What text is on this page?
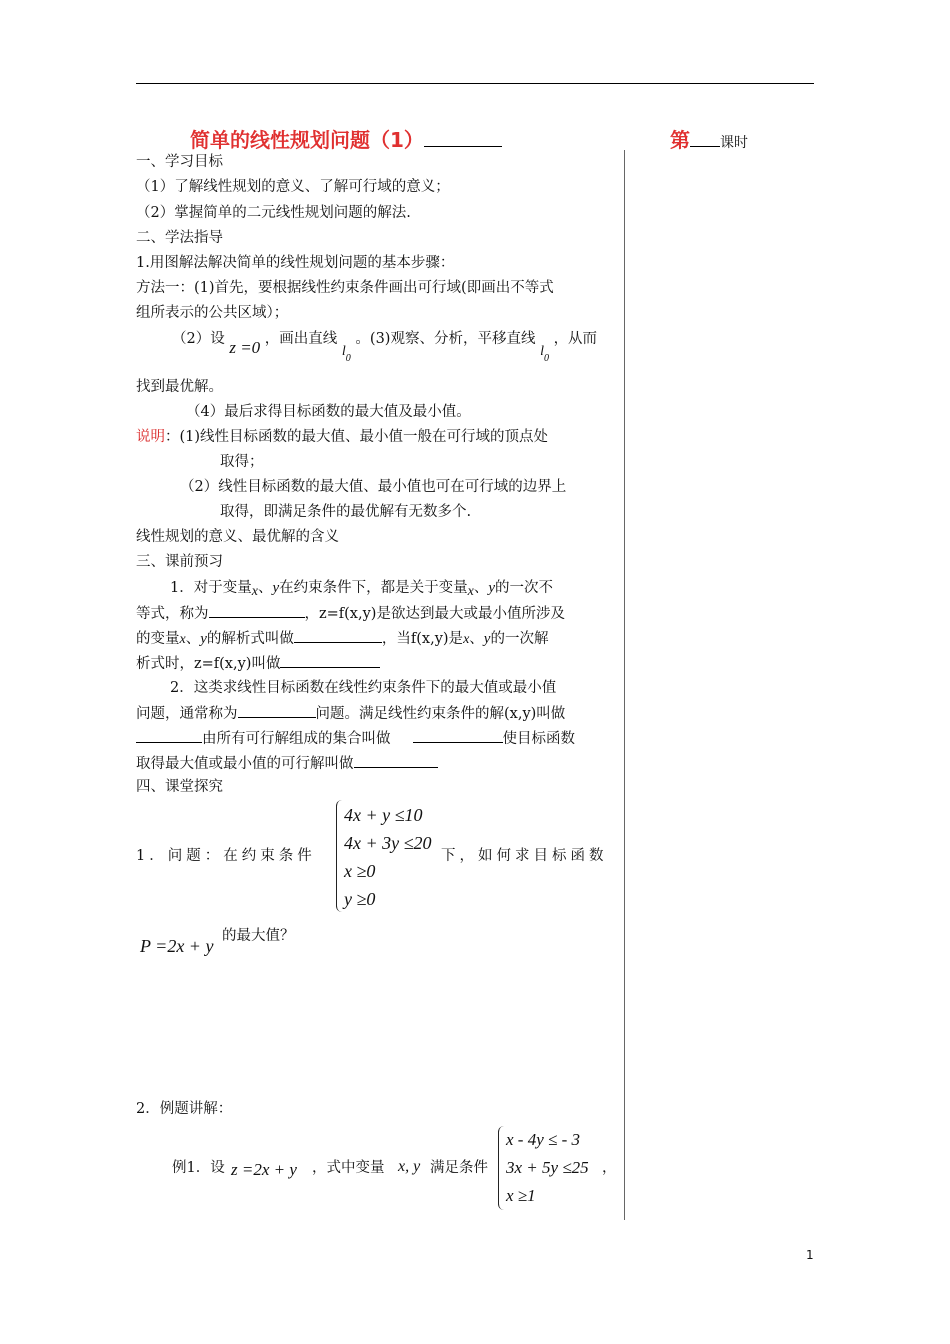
简单的线性规划问题（1）	第 课时
一、学习目标
（1）了解线性规划的意义、了解可行域的意义；
（2）掌握简单的二元线性规划问题的解法.
二、学法指导
1.用图解法解决简单的线性规划问题的基本步骤：
方法一：(1)首先，要根据线性约束条件画出可行域(即画出不等式
组所表示的公共区域）；
（2）设 z =0 ，画出直线 $l_0$ 。(3)观察、分析，平移直线 $l_0$ ，从而
找到最优解。
（4）最后求得目标函数的最大值及最小值。
说明：(1)线性目标函数的最大值、最小值一般在可行域的顶点处
取得；
（2）线性目标函数的最大值、最小值也可在可行域的边界上
取得，即满足条件的最优解有无数多个.
线性规划的意义、最优解的含义
三、课前预习
1．对于变量x、y在约束条件下，都是关于变量x、y的一次不
等式，称为	，z=f(x,y)是欲达到最大或最小值所涉及
的变量x、y的解析式叫做	，当f(x,y)是x、y的一次解
析式时，z=f(x,y)叫做
2．这类求线性目标函数在线性约束条件下的最大值或最小值
问题，通常称为	问题。满足线性约束条件的解(x,y)叫做
由所有可行解组成的集合叫做	使目标函数
取得最大值或最小值的可行解叫做
四、课堂探究
1．问题：在约束条件
4x + y ≤10
4x + 3y ≤20
x ≥0
y ≥0
下，如何求目标函数
P =2x + y 的最大值？
2．例题讲解：
例1．设 z =2x + y ，式中变量 x, y 满足条件
x - 4y ≤ - 3
3x + 5y ≤25
x ≥1
，
1
